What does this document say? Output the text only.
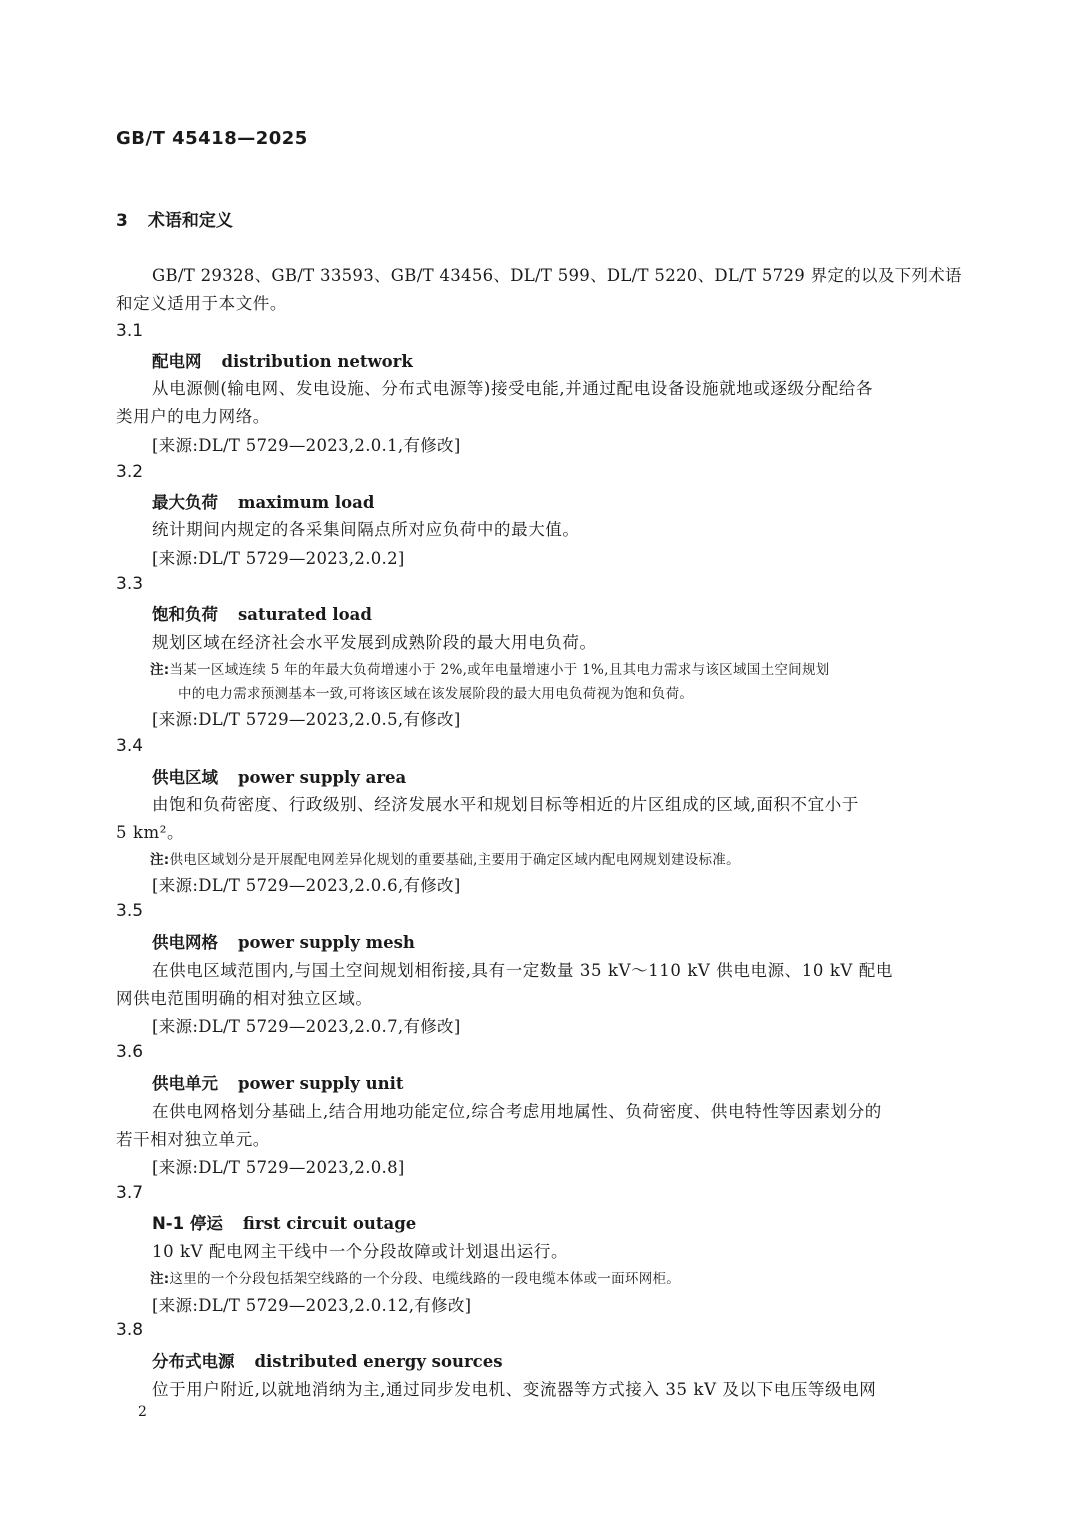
GB/T 45418—2025
3 术语和定义
GB/T 29328、GB/T 33593、GB/T 43456、DL/T 599、DL/T 5220、DL/T 5729 界定的以及下列术语
和定义适用于本文件。
3.1
配电网 distribution network
从电源侧(输电网、发电设施、分布式电源等)接受电能,并通过配电设备设施就地或逐级分配给各
类用户的电力网络。
[来源:DL/T 5729—2023,2.0.1,有修改]
3.2
最大负荷 maximum load
统计期间内规定的各采集间隔点所对应负荷中的最大值。
[来源:DL/T 5729—2023,2.0.2]
3.3
饱和负荷 saturated load
规划区域在经济社会水平发展到成熟阶段的最大用电负荷。
注:当某一区域连续 5 年的年最大负荷增速小于 2%,或年电量增速小于 1%,且其电力需求与该区域国土空间规划
中的电力需求预测基本一致,可将该区域在该发展阶段的最大用电负荷视为饱和负荷。
[来源:DL/T 5729—2023,2.0.5,有修改]
3.4
供电区域 power supply area
由饱和负荷密度、行政级别、经济发展水平和规划目标等相近的片区组成的区域,面积不宜小于
5 km²。
注:供电区域划分是开展配电网差异化规划的重要基础,主要用于确定区域内配电网规划建设标准。
[来源:DL/T 5729—2023,2.0.6,有修改]
3.5
供电网格 power supply mesh
在供电区域范围内,与国土空间规划相衔接,具有一定数量 35 kV～110 kV 供电电源、10 kV 配电
网供电范围明确的相对独立区域。
[来源:DL/T 5729—2023,2.0.7,有修改]
3.6
供电单元 power supply unit
在供电网格划分基础上,结合用地功能定位,综合考虑用地属性、负荷密度、供电特性等因素划分的
若干相对独立单元。
[来源:DL/T 5729—2023,2.0.8]
3.7
N-1 停运 first circuit outage
10 kV 配电网主干线中一个分段故障或计划退出运行。
注:这里的一个分段包括架空线路的一个分段、电缆线路的一段电缆本体或一面环网柜。
[来源:DL/T 5729—2023,2.0.12,有修改]
3.8
分布式电源 distributed energy sources
位于用户附近,以就地消纳为主,通过同步发电机、变流器等方式接入 35 kV 及以下电压等级电网
2
